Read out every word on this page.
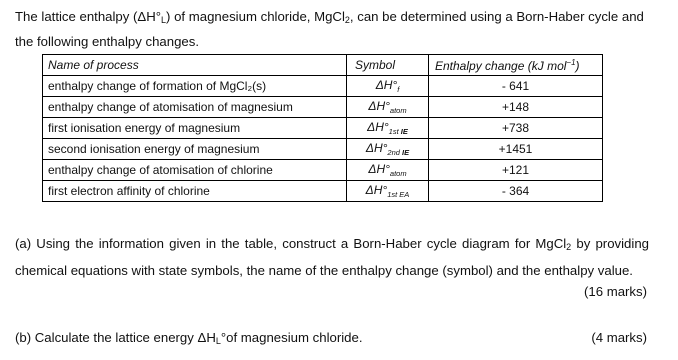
The lattice enthalpy $(\Delta H^\circ_L)$ of magnesium chloride, MgCl$_2$, can be determined using a Born-Haber cycle and the following enthalpy changes.
Name of process	Symbol	Enthalpy change (kJ mol$^{-1}$)
enthalpy change of formation of MgCl₂(s)	$\Delta H^\circ_f$	- 641
enthalpy change of atomisation of magnesium	$\Delta H^\circ_{atom}$	+148
first ionisation energy of magnesium	$\Delta H^\circ_{1st IE}$	+738
second ionisation energy of magnesium	$\Delta H^\circ_{2nd IE}$	+1451
enthalpy change of atomisation of chlorine	$\Delta H^\circ_{atom}$	+121
first electron affinity of chlorine	$\Delta H^\circ_{1st EA}$	- 364
(a) Using the information given in the table, construct a Born-Haber cycle diagram for MgCl$_2$ by providing chemical equations with state symbols, the name of the enthalpy change (symbol) and the enthalpy value.
(16 marks)
(b) Calculate the lattice energy $\Delta H_L^\circ of$ magnesium chloride.	(4 marks)
